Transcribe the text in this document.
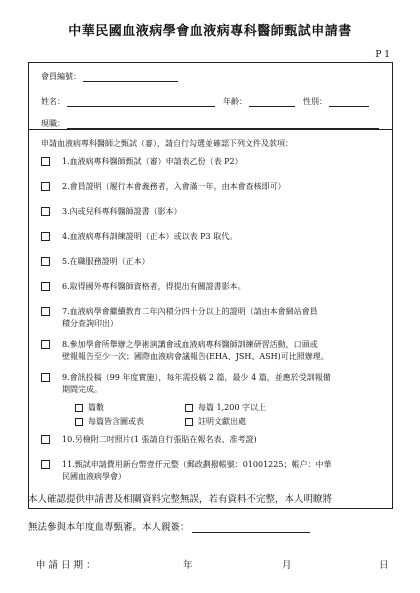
中華民國血液病學會血液病專科醫師甄試申請書
P 1
會員編號：
姓名：	年齡：	性別：
現職：
申請血液病專科醫師之甄試（審），請自行勾選並確認下列文件及款項：
1.血液病專科醫師甄試（審）申請表乙份（表 P2）
2.會員證明（履行本會義務者，入會滿一年，由本會查核即可）
3.內或兒科專科醫師證書（影本）
4.血液病專科訓練證明（正本）或以表 P3 取代。
5.在職服務證明（正本）
6.取得國外專科醫師資格者，得提出有關證書影本。
7.血液病學會繼續教育二年內積分四十分以上的證明（請由本會網站會員
積分查詢印出）
8.參加學會所舉辦之學術演講會或血液病專科醫師訓練研習活動，口頭或
壁報報告至少一次；國際血液病會議報告(EHA、JSH、ASH)可比照辦理。
9.會訊投稿（99 年度實施），每年需投稿 2 篇，最少 4 篇，並應於受訓報備
期間完成。
篇數	每篇 1,200 字以上
每篇皆含圖或表	註明文獻出處
10.另檢附二吋照片(1 張請自行張貼在報名表、准考證)
11.甄試申請費用新台幣壹仟元整（郵政劃撥帳號：01001225；帳户：中華
民國血液病學會）
本人確認提供申請書及相關資料完整無誤，若有資料不完整，本人明瞭將
無法參與本年度血專甄審。本人親簽：
申 請 日 期 ：	年	月	日
